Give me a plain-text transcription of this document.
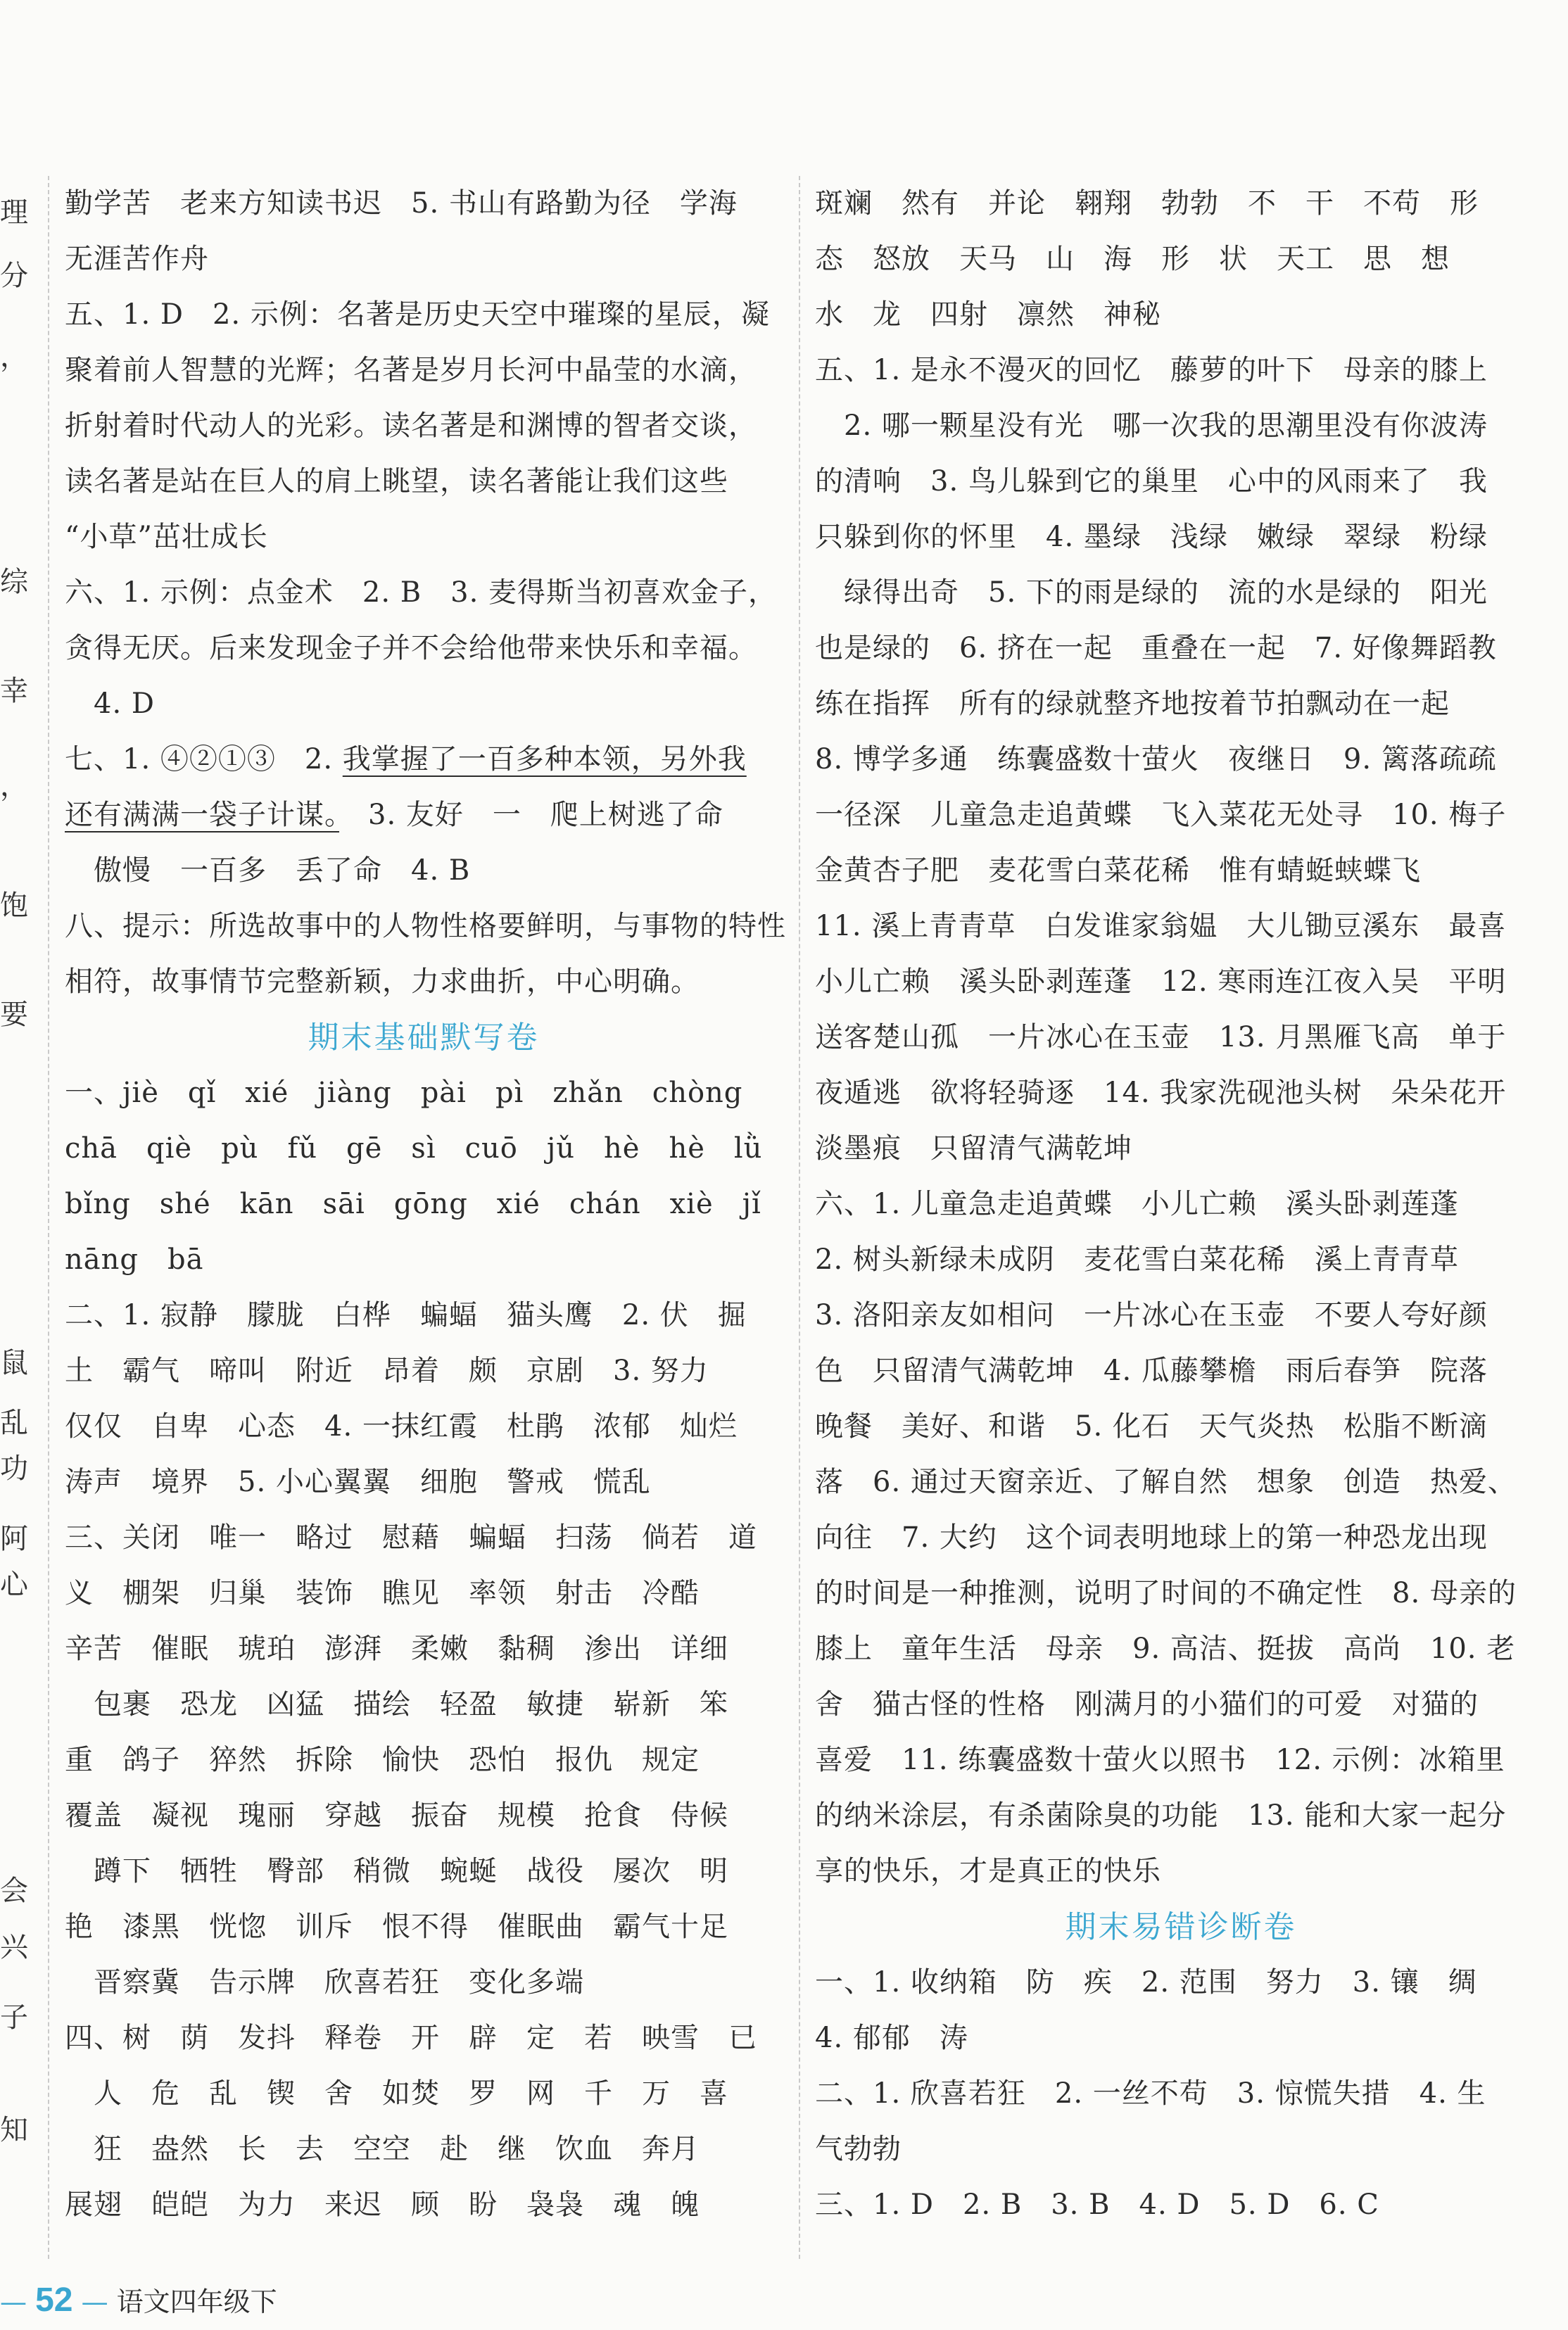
理
分
，
综
幸
，
饱
要
鼠
乱
功
阿
心
会
兴
子
知
勤学苦　老来方知读书迟　5. 书山有路勤为径　学海
无涯苦作舟
五、1. D　2. 示例：名著是历史天空中璀璨的星辰，凝
聚着前人智慧的光辉；名著是岁月长河中晶莹的水滴，
折射着时代动人的光彩。读名著是和渊博的智者交谈，
读名著是站在巨人的肩上眺望，读名著能让我们这些
“小草”茁壮成长
六、1. 示例：点金术　2. B　3. 麦得斯当初喜欢金子，
贪得无厌。后来发现金子并不会给他带来快乐和幸福。
　4. D
七、1. ④②①③　2. 我掌握了一百多种本领，另外我
还有满满一袋子计谋。　3. 友好　一　爬上树逃了命
　傲慢　一百多　丢了命　4. B
八、提示：所选故事中的人物性格要鲜明，与事物的特性
相符，故事情节完整新颖，力求曲折，中心明确。
期末基础默写卷
一、jiè　qǐ　xié　jiàng　pài　pì　zhǎn　chòng
chā　qiè　pù　fǔ　gē　sì　cuō　jǔ　hè　hè　lǜ
bǐng　shé　kān　sāi　gōng　xié　chán　xiè　jǐ
nāng　bā
二、1. 寂静　朦胧　白桦　蝙蝠　猫头鹰　2. 伏　掘
土　霸气　啼叫　附近　昂着　颇　京剧　3. 努力
仅仅　自卑　心态　4. 一抹红霞　杜鹃　浓郁　灿烂
涛声　境界　5. 小心翼翼　细胞　警戒　慌乱
三、关闭　唯一　略过　慰藉　蝙蝠　扫荡　倘若　道
义　棚架　归巢　装饰　瞧见　率领　射击　冷酷
辛苦　催眠　琥珀　澎湃　柔嫩　黏稠　渗出　详细
　包裹　恐龙　凶猛　描绘　轻盈　敏捷　崭新　笨
重　鸽子　猝然　拆除　愉快　恐怕　报仇　规定
覆盖　凝视　瑰丽　穿越　振奋　规模　抢食　侍候
　蹲下　牺牲　臀部　稍微　蜿蜒　战役　屡次　明
艳　漆黑　恍惚　训斥　恨不得　催眠曲　霸气十足
　晋察冀　告示牌　欣喜若狂　变化多端
四、树　荫　发抖　释卷　开　辟　定　若　映雪　已
　人　危　乱　锲　舍　如焚　罗　网　千　万　喜
　狂　盎然　长　去　空空　赴　继　饮血　奔月
展翅　皑皑　为力　来迟　顾　盼　袅袅　魂　魄
斑斓　然有　并论　翱翔　勃勃　不　干　不苟　形
态　怒放　天马　山　海　形　状　天工　思　想
水　龙　四射　凛然　神秘
五、1. 是永不漫灭的回忆　藤萝的叶下　母亲的膝上
　2. 哪一颗星没有光　哪一次我的思潮里没有你波涛
的清响　3. 鸟儿躲到它的巢里　心中的风雨来了　我
只躲到你的怀里　4. 墨绿　浅绿　嫩绿　翠绿　粉绿
　绿得出奇　5. 下的雨是绿的　流的水是绿的　阳光
也是绿的　6. 挤在一起　重叠在一起　7. 好像舞蹈教
练在指挥　所有的绿就整齐地按着节拍飘动在一起
8. 博学多通　练囊盛数十萤火　夜继日　9. 篱落疏疏
一径深　儿童急走追黄蝶　飞入菜花无处寻　10. 梅子
金黄杏子肥　麦花雪白菜花稀　惟有蜻蜓蛱蝶飞
11. 溪上青青草　白发谁家翁媪　大儿锄豆溪东　最喜
小儿亡赖　溪头卧剥莲蓬　12. 寒雨连江夜入吴　平明
送客楚山孤　一片冰心在玉壶　13. 月黑雁飞高　单于
夜遁逃　欲将轻骑逐　14. 我家洗砚池头树　朵朵花开
淡墨痕　只留清气满乾坤
六、1. 儿童急走追黄蝶　小儿亡赖　溪头卧剥莲蓬
2. 树头新绿未成阴　麦花雪白菜花稀　溪上青青草
3. 洛阳亲友如相问　一片冰心在玉壶　不要人夸好颜
色　只留清气满乾坤　4. 瓜藤攀檐　雨后春笋　院落
晚餐　美好、和谐　5. 化石　天气炎热　松脂不断滴
落　6. 通过天窗亲近、了解自然　想象　创造　热爱、
向往　7. 大约　这个词表明地球上的第一种恐龙出现
的时间是一种推测，说明了时间的不确定性　8. 母亲的
膝上　童年生活　母亲　9. 高洁、挺拔　高尚　10. 老
舍　猫古怪的性格　刚满月的小猫们的可爱　对猫的
喜爱　11. 练囊盛数十萤火以照书　12. 示例：冰箱里
的纳米涂层，有杀菌除臭的功能　13. 能和大家一起分
享的快乐，才是真正的快乐
期末易错诊断卷
一、1. 收纳箱　防　疾　2. 范围　努力　3. 镶　绸
4. 郁郁　涛
二、1. 欣喜若狂　2. 一丝不苟　3. 惊慌失措　4. 生
气勃勃
三、1. D　2. B　3. B　4. D　5. D　6. C
— 52 — 语文四年级下
